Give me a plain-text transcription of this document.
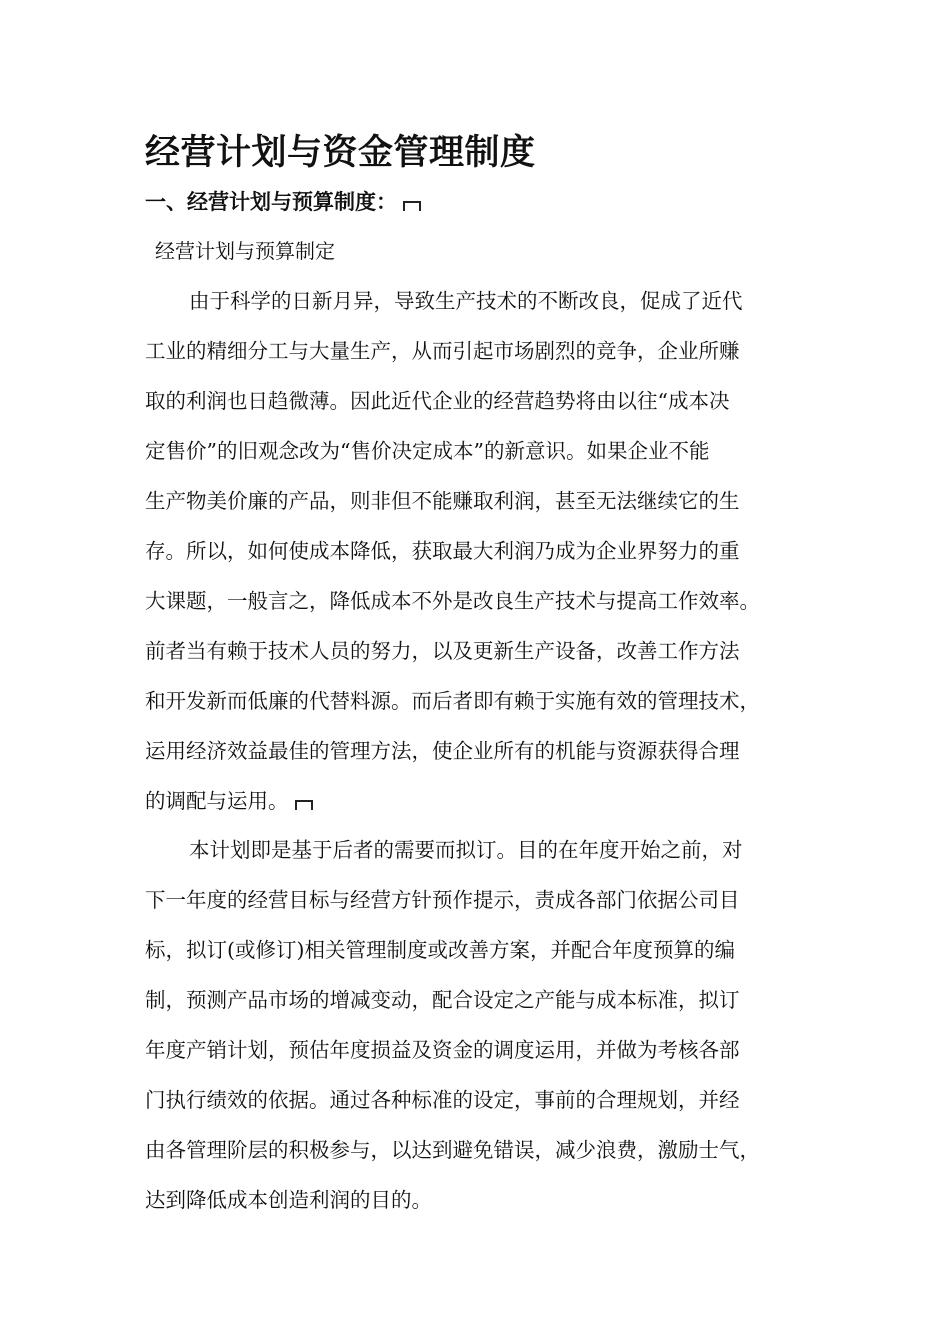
经营计划与资金管理制度
一、经营计划与预算制度：

经营计划与预算制定

由于科学的日新月异，导致生产技术的不断改良，促成了近代
工业的精细分工与大量生产，从而引起市场剧烈的竞争，企业所赚
取的利润也日趋微薄。因此近代企业的经营趋势将由以往“成本决
定售价”的旧观念改为“售价决定成本”的新意识。如果企业不能
生产物美价廉的产品，则非但不能赚取利润，甚至无法继续它的生
存。所以，如何使成本降低，获取最大利润乃成为企业界努力的重
大课题，一般言之，降低成本不外是改良生产技术与提高工作效率。
前者当有赖于技术人员的努力，以及更新生产设备，改善工作方法
和开发新而低廉的代替料源。而后者即有赖于实施有效的管理技术，
运用经济效益最佳的管理方法，使企业所有的机能与资源获得合理
的调配与运用。
本计划即是基于后者的需要而拟订。目的在年度开始之前，对
下一年度的经营目标与经营方针预作提示，责成各部门依据公司目
标，拟订(或修订)相关管理制度或改善方案，并配合年度预算的编
制，预测产品市场的增减变动，配合设定之产能与成本标准，拟订
年度产销计划，预估年度损益及资金的调度运用，并做为考核各部
门执行绩效的依据。通过各种标准的设定，事前的合理规划，并经
由各管理阶层的积极参与，以达到避免错误，减少浪费，激励士气，
达到降低成本创造利润的目的。
